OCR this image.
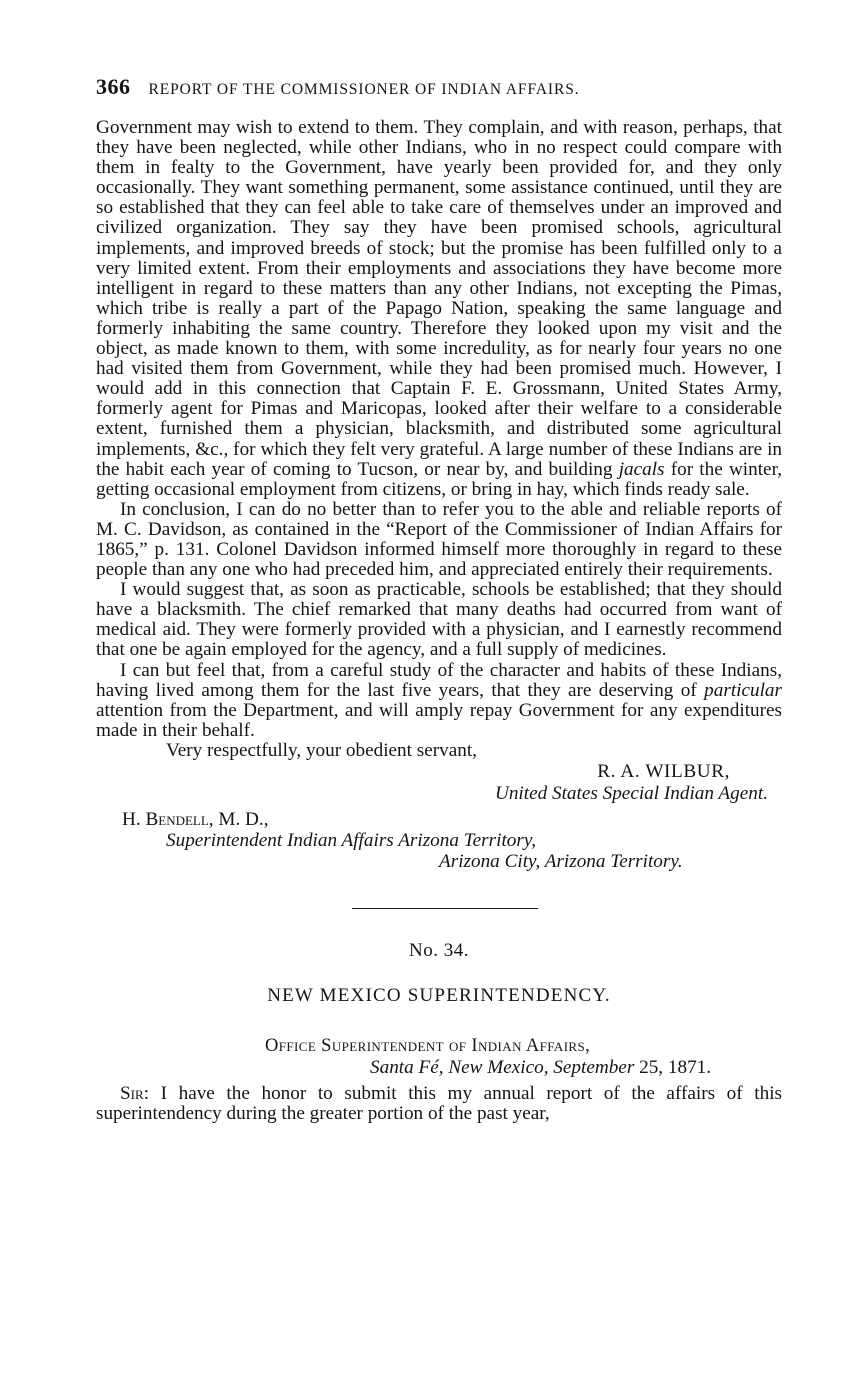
366 REPORT OF THE COMMISSIONER OF INDIAN AFFAIRS.

Government may wish to extend to them. They complain, and with reason, perhaps, that they have been neglected, while other Indians, who in no respect could compare with them in fealty to the Government, have yearly been provided for, and they only occasionally. They want something permanent, some assistance continued, until they are so established that they can feel able to take care of themselves under an improved and civilized organization. They say they have been promised schools, agricultural implements, and improved breeds of stock; but the promise has been fulfilled only to a very limited extent. From their employments and associations they have become more intelligent in regard to these matters than any other Indians, not excepting the Pimas, which tribe is really a part of the Papago Nation, speaking the same language and formerly inhabiting the same country. Therefore they looked upon my visit and the object, as made known to them, with some incredulity, as for nearly four years no one had visited them from Government, while they had been promised much. However, I would add in this connection that Captain F. E. Grossmann, United States Army, formerly agent for Pimas and Maricopas, looked after their welfare to a considerable extent, furnished them a physician, blacksmith, and distributed some agricultural implements, &c., for which they felt very grateful. A large number of these Indians are in the habit each year of coming to Tucson, or near by, and building jacals for the winter, getting occasional employment from citizens, or bring in hay, which finds ready sale.

In conclusion, I can do no better than to refer you to the able and reliable reports of M. C. Davidson, as contained in the “Report of the Commissioner of Indian Affairs for 1865,” p. 131. Colonel Davidson informed himself more thoroughly in regard to these people than any one who had preceded him, and appreciated entirely their requirements.

I would suggest that, as soon as practicable, schools be established; that they should have a blacksmith. The chief remarked that many deaths had occurred from want of medical aid. They were formerly provided with a physician, and I earnestly recommend that one be again employed for the agency, and a full supply of medicines.

I can but feel that, from a careful study of the character and habits of these Indians, having lived among them for the last five years, that they are deserving of particular attention from the Department, and will amply repay Government for any expenditures made in their behalf.

Very respectfully, your obedient servant,

R. A. WILBUR,
United States Special Indian Agent.
H. Bendell, M. D.,
Superintendent Indian Affairs Arizona Territory,
Arizona City, Arizona Territory.
No. 34.
NEW MEXICO SUPERINTENDENCY.
Office Superintendent of Indian Affairs,
Santa Fé, New Mexico, September 25, 1871.
Sir: I have the honor to submit this my annual report of the affairs of this superintendency during the greater portion of the past year,
